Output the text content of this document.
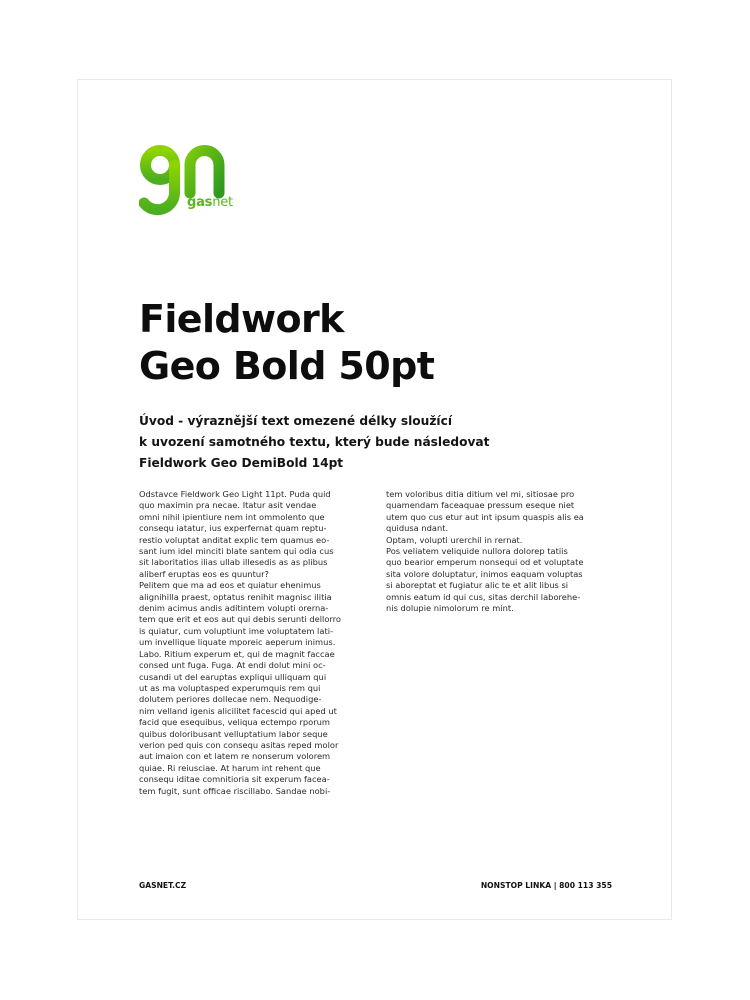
gasnet
Fieldwork
Geo Bold 50pt

Úvod - výraznější text omezené délky sloužící
k uvození samotného textu, který bude následovat
Fieldwork Geo DemiBold 14pt

Odstavce Fieldwork Geo Light 11pt. Puda quid
quo maximin pra necae. Itatur asit vendae
omni nihil ipientiure nem int ommolento que
consequ iatatur, ius experfernat quam reptu-
restio voluptat anditat explic tem quamus eo-
sant ium idel minciti blate santem qui odia cus
sit laboritatios ilias ullab illesedis as as plibus
aliberf eruptas eos es quuntur?
Pelitem que ma ad eos et quiatur ehenimus
alignihilla praest, optatus renihit magnisc ilitia
denim acimus andis aditintem volupti orerna-
tem que erit et eos aut qui debis serunti dellorro
is quiatur, cum voluptiunt ime voluptatem lati-
um invellique liquate mporeic aeperum inimus.
Labo. Ritium experum et, qui de magnit faccae
consed unt fuga. Fuga. At endi dolut mini oc-
cusandi ut del earuptas expliqui ulliquam qui
ut as ma voluptasped experumquis rem qui
dolutem periores dollecae nem. Nequodige-
nim velland igenis alicilitet facescid qui aped ut
facid que esequibus, veliqua ectempo rporum
quibus doloribusant velluptatium labor seque
verion ped quis con consequ asitas reped molor
aut imaion con et latem re nonserum volorem
quiae. Ri reiusciae. At harum int rehent que
consequ iditae comnitioria sit experum facea-
tem fugit, sunt officae riscillabo. Sandae nobi-
tem voloribus ditia ditium vel mi, sitiosae pro
quamendam faceaquae pressum eseque niet
utem quo cus etur aut int ipsum quaspis alis ea
quidusa ndant.
Optam, volupti urerchil in rernat.
Pos veliatem veliquide nullora dolorep tatiis
quo bearior emperum nonsequi od et voluptate
sita volore doluptatur, inimos eaquam voluptas
si aboreptat et fugiatur alic te et alit libus si
omnis eatum id qui cus, sitas derchil laborehe-
nis dolupie nimolorum re mint.
GASNET.CZ	NONSTOP LINKA | 800 113 355
